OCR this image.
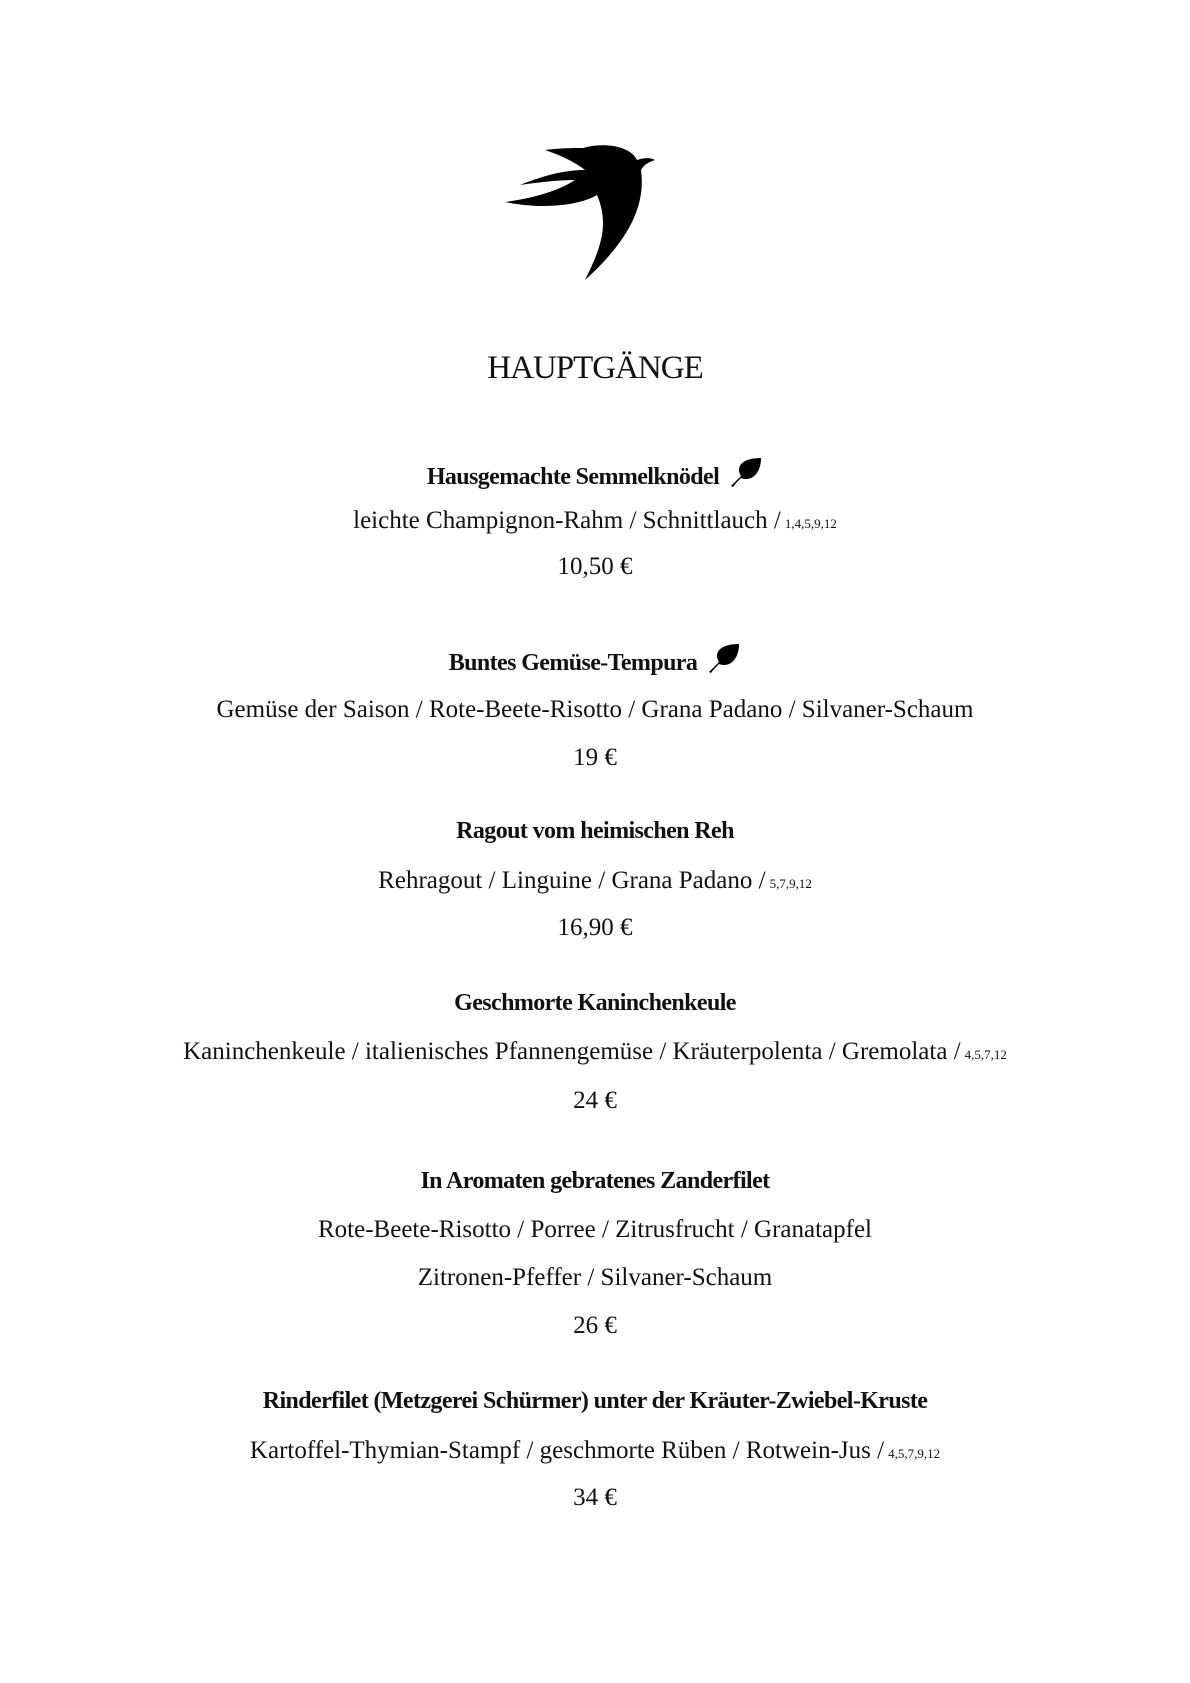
HAUPTGÄNGE
Hausgemachte Semmelknödel
leichte Champignon-Rahm / Schnittlauch / 1,4,5,9,12
10,50 €
Buntes Gemüse-Tempura
Gemüse der Saison / Rote-Beete-Risotto / Grana Padano / Silvaner-Schaum
19 €
Ragout vom heimischen Reh
Rehragout / Linguine / Grana Padano / 5,7,9,12
16,90 €
Geschmorte Kaninchenkeule
Kaninchenkeule / italienisches Pfannengemüse / Kräuterpolenta / Gremolata / 4,5,7,12
24 €
In Aromaten gebratenes Zanderfilet
Rote-Beete-Risotto / Porree / Zitrusfrucht / Granatapfel
Zitronen-Pfeffer / Silvaner-Schaum
26 €
Rinderfilet (Metzgerei Schürmer) unter der Kräuter-Zwiebel-Kruste
Kartoffel-Thymian-Stampf / geschmorte Rüben / Rotwein-Jus / 4,5,7,9,12
34 €
